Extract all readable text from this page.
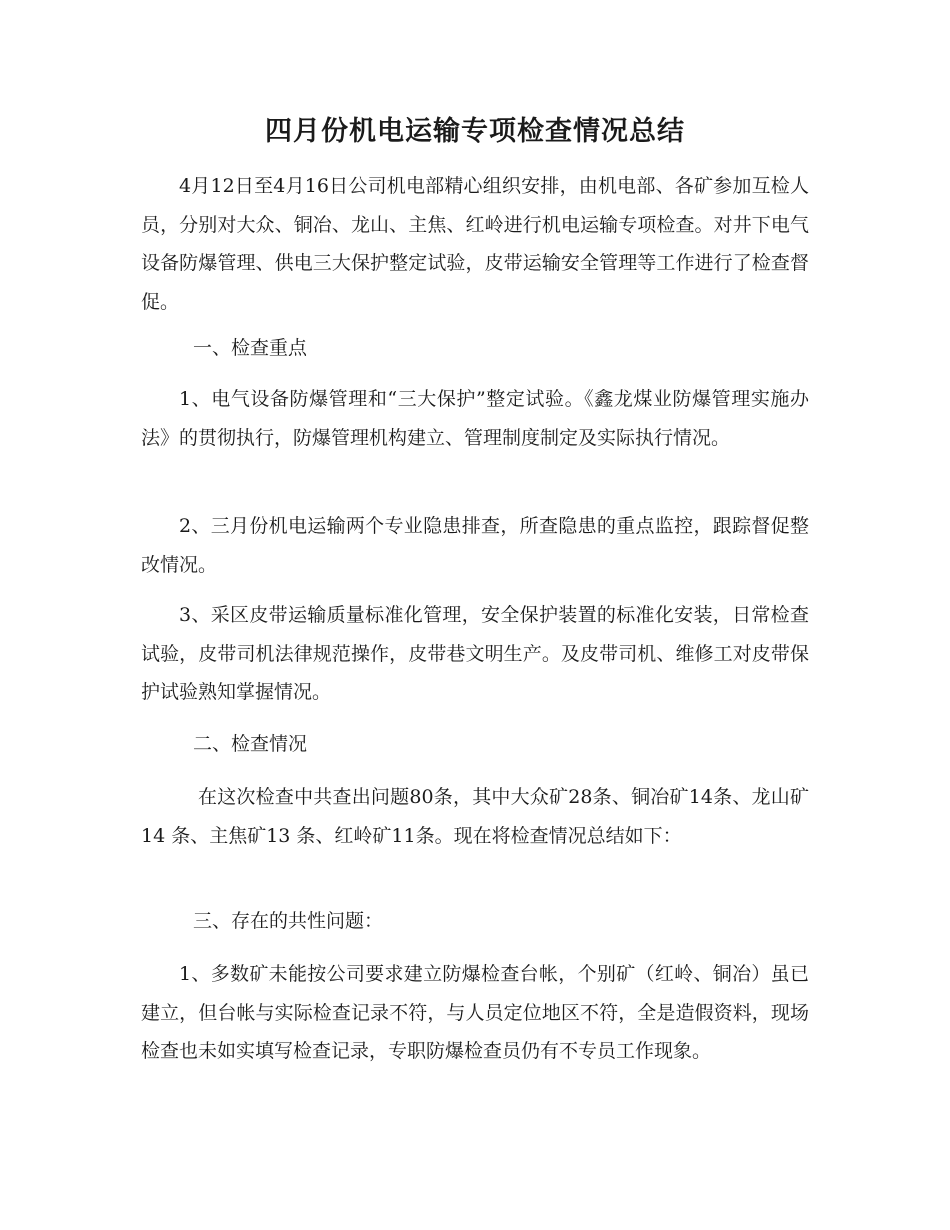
四月份机电运输专项检查情况总结

4月12日至4月16日公司机电部精心组织安排，由机电部、各矿参加互检人员，分别对大众、铜冶、龙山、主焦、红岭进行机电运输专项检查。对井下电气设备防爆管理、供电三大保护整定试验，皮带运输安全管理等工作进行了检查督促。

一、检查重点

1、电气设备防爆管理和“三大保护”整定试验。《鑫龙煤业防爆管理实施办法》的贯彻执行，防爆管理机构建立、管理制度制定及实际执行情况。

2、三月份机电运输两个专业隐患排查，所查隐患的重点监控，跟踪督促整改情况。

3、采区皮带运输质量标准化管理，安全保护装置的标准化安装，日常检查试验，皮带司机法律规范操作，皮带巷文明生产。及皮带司机、维修工对皮带保护试验熟知掌握情况。

二、检查情况

在这次检查中共查出问题80条，其中大众矿28条、铜冶矿14条、龙山矿14 条、主焦矿13 条、红岭矿11条。现在将检查情况总结如下：

三、存在的共性问题：

1、多数矿未能按公司要求建立防爆检查台帐，个别矿（红岭、铜冶）虽已建立，但台帐与实际检查记录不符，与人员定位地区不符，全是造假资料，现场检查也未如实填写检查记录，专职防爆检查员仍有不专员工作现象。
